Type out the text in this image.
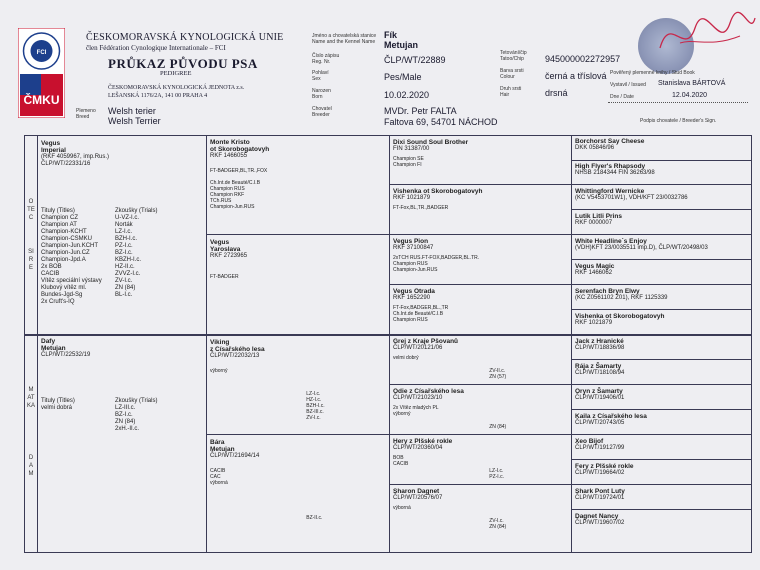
FCI
ČMKU
ČESKOMORAVSKÁ KYNOLOGICKÁ UNIE
člen Fédération Cynologique Internationale – FCI
PRŮKAZ PŮVODU PSA
PEDIGREE
ČESKOMORAVSKÁ KYNOLOGICKÁ JEDNOTA z.s.
LEŠANSKÁ 1176/2A, 141 00 PRAHA 4
Plemeno
Breed
Welsh terier
Welsh Terrier
Jméno a chovatelská stanice
Name and the Kennel Name
Fík
Metujan
Číslo zápisu
Reg. Nr.	ČLP/WT/22889
Pohlaví
Sex	Pes/Male
Narozen
Born	10.02.2020
Chovatel
Breeder	MVDr. Petr FALTA
Faltova 69, 54701 NÁCHOD
Tetování/čip
Tatoo/Chip 945000002272957
Barva srsti
Colour	černá a tříslová
Druh srsti
Hair	drsná
Pověřený plemenné knihy / Stud Book
Vystavil / Issued Stanislava BÁRTOVÁ
Dne / Date	12.04.2020
Podpis chovatele / Breeder's Sign.
OTEC
SIRE
MATKA
DAM
Vegus
Imperial
(RKF 4059967, imp.Rus.)
ČLP/WT/22331/16
Tituly (Titles)
Champion CZ
Champion AT
Champion-KCHT
Champion-CSMKU
Champion-Jun.KCHT
Champion-Jun.CZ
Champion-Jpd.A
2x BOB
CACIB
Vítěz speciální výstavy
Klubový vítěz ml.
Bundes-Jgd-Sg
2x Cruft's-IQ
Zkoušky (Trials)
U-VZ-I.c.
Norták
LZ-I.c.
BZH-I.c.
PZ-I.c.
BZ-I.c.
KBZH-I.c.
HZ-II.c.
ZVVZ-I.c.
ZV-I.c.
ZN (84)
BL-I.c.
Dafy
Metujan
ČLP/WT/22532/19
Tituly (Titles)
velmi dobrá
Zkoušky (Trials)
LZ-III.c.
BZ-I.c.
ZN (84)
2xH.-II.c.
Monte Kristo
ot Skorobogatovyh
RKF 1466055
FT-BADGER,BL,TR.,FOX

Ch.Int.de Beauté/C.I.B
Champion RUS
Champion RKF
TCh.RUS
Champion-Jun.RUS
Vegus
Yaroslava
RKF 2723965

FT-BADGER
Viking
z Císařského lesa
ČLP/WT/22032/13
výborný
LZ-I.c.
HZ-I.c.
BZH-I.c.
BZ-III.c.
ZV-I.c.
Bára
Metujan
ČLP/WT/21694/14
CACIB
CAC
výborná
BZ-II.c.
Dixi Sound Soul Brother
FIN 31387/00
Champion SE
Champion FI
Vishenka ot Skorobogatovyh
RKF 1021879
FT-Fox,BL,TR.,BADGER
Vegus Pion
RKF 37100847
2xTCH RUS.FT-FOX,BADGER,BL.TR.
Champion RUS
Champion-Jun.RUS
Vegus Otrada
RKF 1652290
FT-Fox,BADGER,BL.,TR
Ch.Int.de Beauté/C.I.B
Champion RUS
Grej z Kraje Pšovanů
ČLP/WT/20121/06
velmi dobrý
ZV-II.c.
ZN (57)
Odie z Císařského lesa
ČLP/WT/21023/10
2x Vítěz mladých PL
výborný
ZN (84)
Hery z Plšské rokle
ČLP/WT/20360/04
BOB
CACIB
LZ-I.c.
PZ-I.c.
Sharon Dagnet
ČLP/WT/20576/07
výborná
ZV-I.c.
ZN (84)
Borchorst Say Cheese
DKK 05846/96
High Flyer's Rhapsody
NHSB 2184344 FIN 36263/98
Whittingford Wernicke
(KC V5453701W1), VDH/KFT 23/0032786
Lutik Litli Prins
RKF 0000007
White Headline´s Enjoy
(VDH)KFT 23/0035511 imp.D), ČLP/WT/20498/03
Vegus Magic
RKF 1466062
Serenfach Bryn Elwy
(KC Z0561102 Z01), RKF 1125339
Vishenka ot Skorobogatovyh
RKF 1021879
Jack z Hranické
ČLP/WT/18836/98
Rája z Šamarty
ČLP/WT/18108/94
Oryn z Šamarty
ČLP/WT/19406/01
Kaila z Císařského lesa
ČLP/WT/20743/05
Xeo Bijof
ČLP/WT/19127/99
Fery z Plšské rokle
ČLP/WT/19664/02
Shark Pont Luty
ČLP/WT/19724/01
Dagnet Nancy
ČLP/WT/19607/02
